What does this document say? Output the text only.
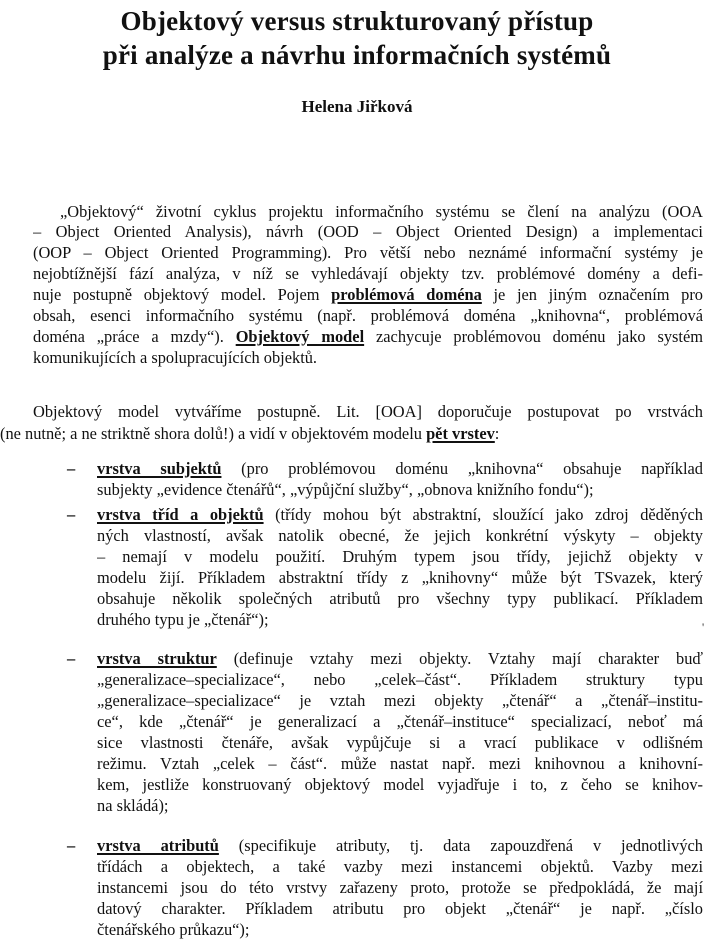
Objektový versus strukturovaný přístup
při analýze a návrhu informačních systémů
Helena Jiřková
„Objektový“ životní cyklus projektu informačního systému se člení na analýzu (OOA
– Object Oriented Analysis), návrh (OOD – Object Oriented Design) a implementaci
(OOP – Object Oriented Programming). Pro větší nebo neznámé informační systémy je
nejobtížnější fází analýza, v níž se vyhledávají objekty tzv. problémové domény a defi-
nuje postupně objektový model. Pojem problémová doména je jen jiným označením pro
obsah, esenci informačního systému (např. problémová doména „knihovna“, problémová
doména „práce a mzdy“). Objektový model zachycuje problémovou doménu jako systém
komunikujících a spolupracujících objektů.
Objektový model vytváříme postupně. Lit. [OOA] doporučuje postupovat po vrstvách
(ne nutně; a ne striktně shora dolů!) a vidí v objektovém modelu pět vrstev:
– vrstva subjektů (pro problémovou doménu „knihovna“ obsahuje například
subjekty „evidence čtenářů“, „výpůjční služby“, „obnova knižního fondu“);
– vrstva tříd a objektů (třídy mohou být abstraktní, sloužící jako zdroj děděných
ných vlastností, avšak natolik obecné, že jejich konkrétní výskyty – objekty
– nemají v modelu použití. Druhým typem jsou třídy, jejichž objekty v
modelu žijí. Příkladem abstraktní třídy z „knihovny“ může být TSvazek, který
obsahuje několik společných atributů pro všechny typy publikací. Příkladem
druhého typu je „čtenář“);	'
– vrstva struktur (definuje vztahy mezi objekty. Vztahy mají charakter buď
„generalizace–specializace“, nebo „celek–část“. Příkladem struktury typu
„generalizace–specializace“ je vztah mezi objekty „čtenář“ a „čtenář–institu-
ce“, kde „čtenář“ je generalizací a „čtenář–instituce“ specializací, neboť má
sice vlastnosti čtenáře, avšak vypůjčuje si a vrací publikace v odlišném
režimu. Vztah „celek – část“. může nastat např. mezi knihovnou a knihovní-
kem, jestliže konstruovaný objektový model vyjadřuje i to, z čeho se knihov-
na skládá);
– vrstva atributů (specifikuje atributy, tj. data zapouzdřená v jednotlivých
třídách a objektech, a také vazby mezi instancemi objektů. Vazby mezi
instancemi jsou do této vrstvy zařazeny proto, protože se předpokládá, že mají
datový charakter. Příkladem atributu pro objekt „čtenář“ je např. „číslo
čtenářského průkazu“);
